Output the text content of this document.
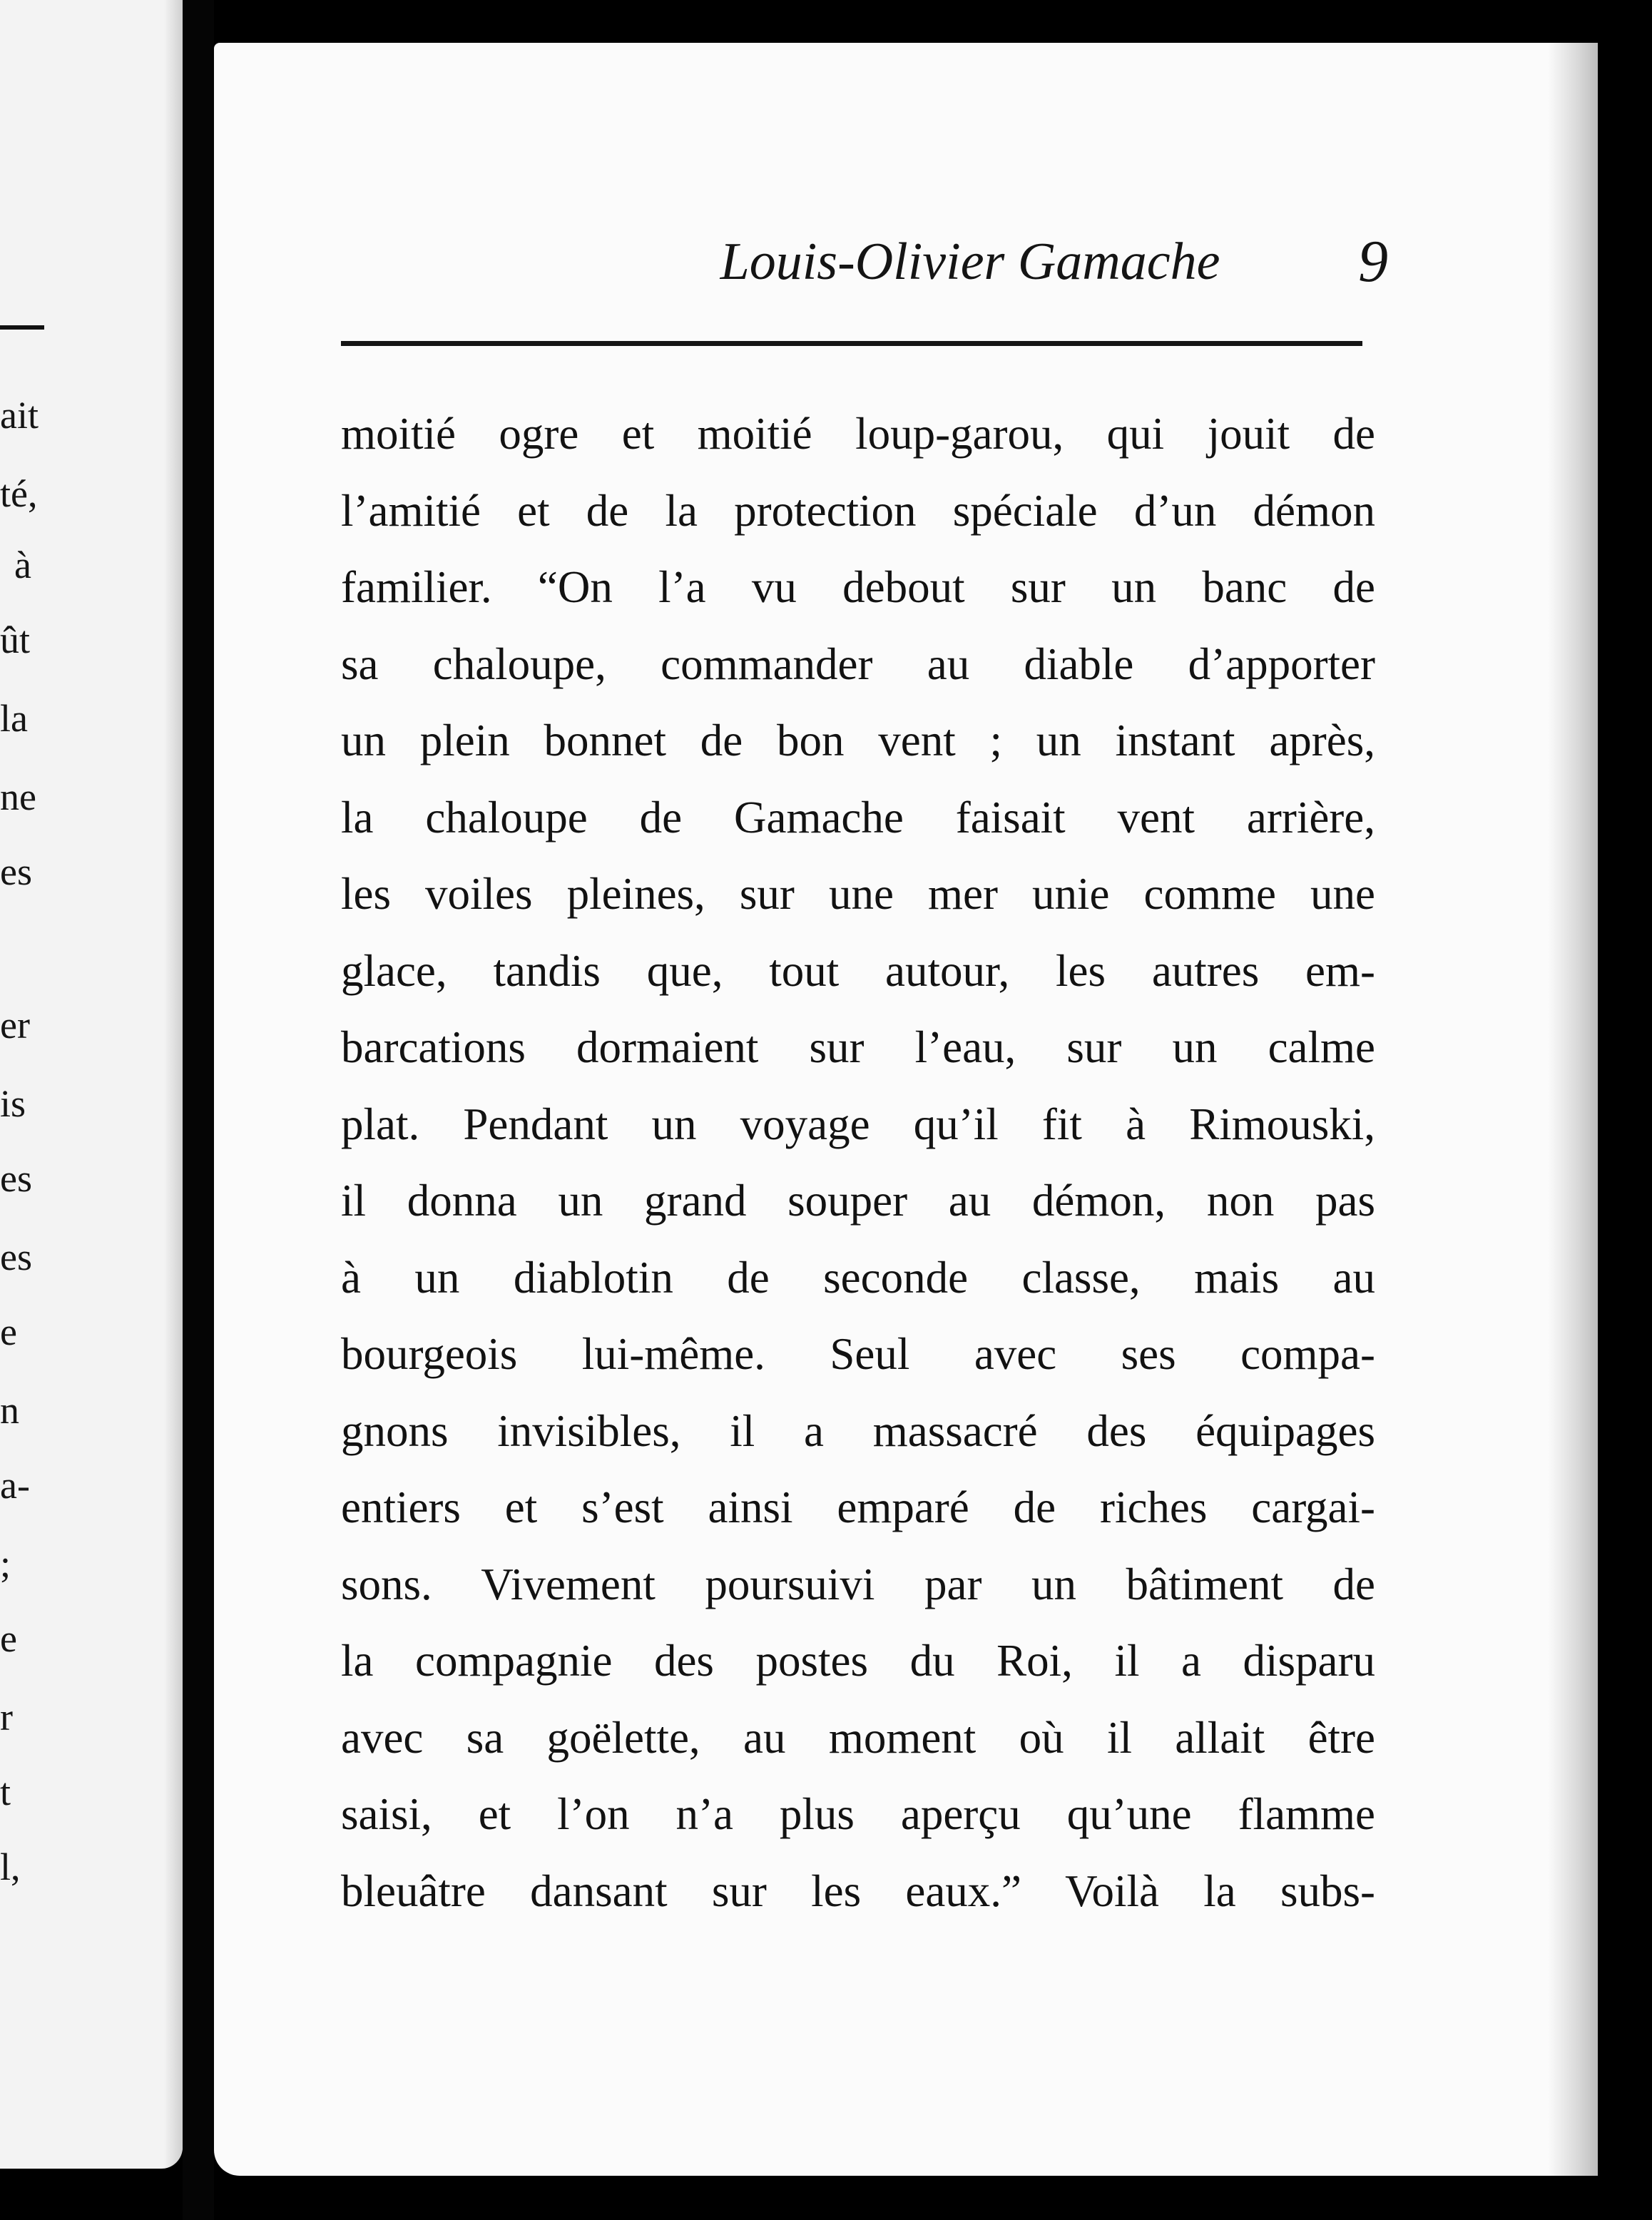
ait
té,
à
ût
la
ne
es
er
is
es
es
e
n
a-
;
e
r
t
l,
Louis-Olivier Gamache	9
moitié ogre et moitié loup-garou, qui jouit de
l’amitié et de la protection spéciale d’un démon
familier. “On l’a vu debout sur un banc de
sa chaloupe, commander au diable d’apporter
un plein bonnet de bon vent ; un instant après,
la chaloupe de Gamache faisait vent arrière,
les voiles pleines, sur une mer unie comme une
glace, tandis que, tout autour, les autres em-
barcations dormaient sur l’eau, sur un calme
plat. Pendant un voyage qu’il fit à Rimouski,
il donna un grand souper au démon, non pas
à un diablotin de seconde classe, mais au
bourgeois lui-même. Seul avec ses compa-
gnons invisibles, il a massacré des équipages
entiers et s’est ainsi emparé de riches cargai-
sons. Vivement poursuivi par un bâtiment de
la compagnie des postes du Roi, il a disparu
avec sa goëlette, au moment où il allait être
saisi, et l’on n’a plus aperçu qu’une flamme
bleuâtre dansant sur les eaux.” Voilà la subs-
